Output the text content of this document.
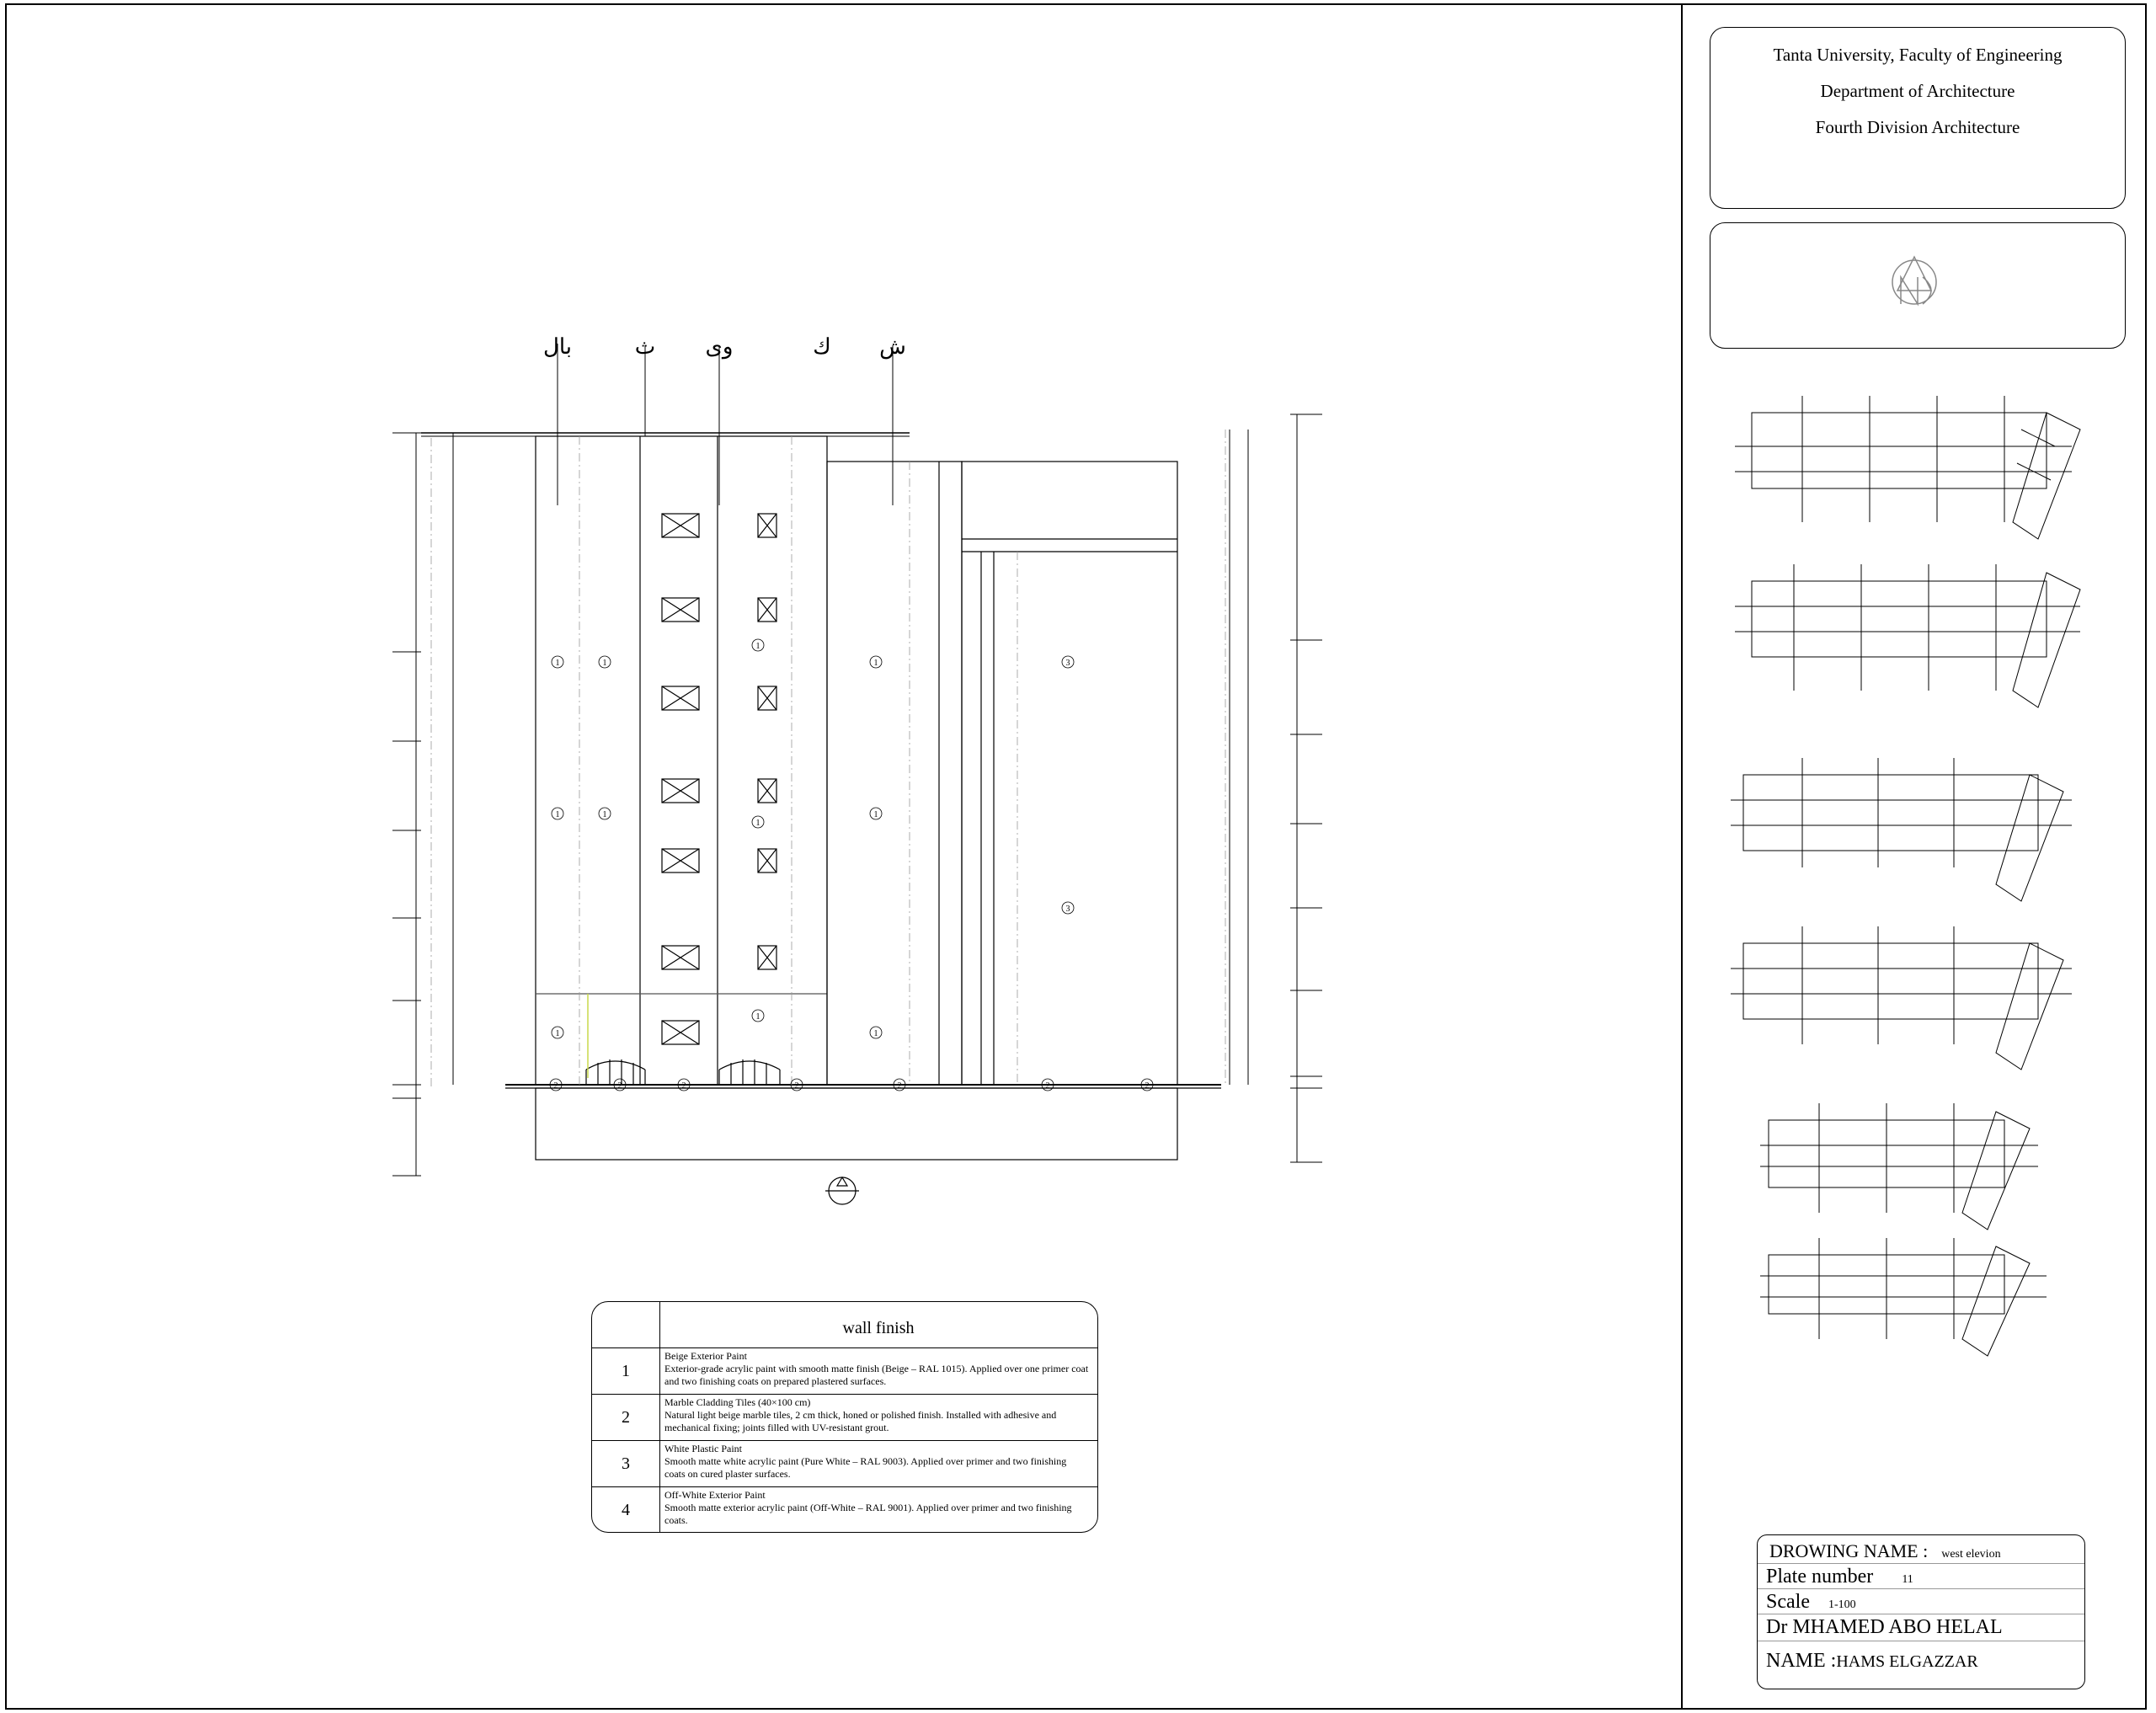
Tanta University, Faculty of Engineering
Department of Architecture
Fourth Division Architecture
ﺑﺎﻝ	ﺙ ﻭﻯ	ﻙ ﺵ
1	1
1
1	3
1	1
1
1
3
1
1
1
2	2	2	2	2	2	2
wall finish
1
Beige Exterior Paint
Exterior-grade acrylic paint with smooth matte finish (Beige – RAL 1015). Applied over one primer coat and two finishing coats on prepared plastered surfaces.
2
Marble Cladding Tiles (40×100 cm)
Natural light beige marble tiles, 2 cm thick, honed or polished finish. Installed with adhesive and mechanical fixing; joints filled with UV-resistant grout.
3
White Plastic Paint
Smooth matte white acrylic paint (Pure White – RAL 9003). Applied over primer and two finishing coats on cured plaster surfaces.
4
Off-White Exterior Paint
Smooth matte exterior acrylic paint (Off-White – RAL 9001). Applied over primer and two finishing coats.
DROWING NAME : west elevion
Plate number 11
Scale 1-100
Dr MHAMED ABO HELAL
NAME :HAMS ELGAZZAR
